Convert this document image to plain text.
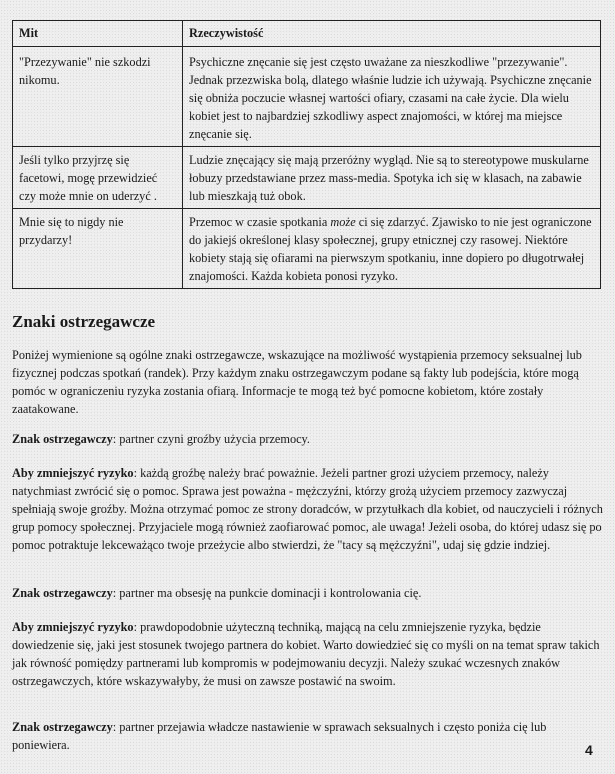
Mit	Rzeczywistość
"Przezywanie" nie szkodzi nikomu.	Psychiczne znęcanie się jest często uważane za nieszkodliwe "przezywanie". Jednak przezwiska bolą, dlatego właśnie ludzie ich używają. Psychiczne znęcanie się obniża poczucie własnej wartości ofiary, czasami na całe życie. Dla wielu kobiet jest to najbardziej szkodliwy aspect znajomości, w której ma miejsce znęcanie się.
Jeśli tylko przyjrzę się facetowi, mogę przewidzieć czy może mnie on uderzyć .	Ludzie znęcający się mają przeróżny wygląd. Nie są to stereotypowe muskularne łobuzy przedstawiane przez mass-media. Spotyka ich się w klasach, na zabawie lub mieszkają tuż obok.
Mnie się to nigdy nie przydarzy!	Przemoc w czasie spotkania może ci się zdarzyć. Zjawisko to nie jest ograniczone do jakiejś określonej klasy społecznej, grupy etnicznej czy rasowej. Niektóre kobiety stają się ofiarami na pierwszym spotkaniu, inne dopiero po długotrwałej znajomości. Każda kobieta ponosi ryzyko.
Znaki ostrzegawcze

Poniżej wymienione są ogólne znaki ostrzegawcze, wskazujące na możliwość wystąpienia przemocy seksualnej lub fizycznej podczas spotkań (randek). Przy każdym znaku ostrzegawczym podane są fakty lub podejścia, które mogą pomóc w ograniczeniu ryzyka zostania ofiarą. Informacje te mogą też być pomocne kobietom, które zostały zaatakowane.

Znak ostrzegawczy: partner czyni groźby użycia przemocy.

Aby zmniejszyć ryzyko: każdą groźbę należy brać poważnie. Jeżeli partner grozi użyciem przemocy, należy natychmiast zwrócić się o pomoc. Sprawa jest poważna - mężczyźni, którzy grożą użyciem przemocy zazwyczaj spełniają swoje groźby. Można otrzymać pomoc ze strony doradców, w przytułkach dla kobiet, od nauczycieli i różnych grup pomocy społecznej. Przyjaciele mogą również zaofiarować pomoc, ale uwaga! Jeżeli osoba, do której udasz się po pomoc potraktuje lekceważąco twoje przeżycie albo stwierdzi, że "tacy są mężczyźni", udaj się gdzie indziej.

Znak ostrzegawczy: partner ma obsesję na punkcie dominacji i kontrolowania cię.

Aby zmniejszyć ryzyko: prawdopodobnie użyteczną techniką, mającą na celu zmniejszenie ryzyka, będzie dowiedzenie się, jaki jest stosunek twojego partnera do kobiet. Warto dowiedzieć się co myśli on na temat spraw takich jak równość pomiędzy partnerami lub kompromis w podejmowaniu decyzji. Należy szukać wczesnych znaków ostrzegawczych, które wskazywałyby, że musi on zawsze postawić na swoim.

Znak ostrzegawczy: partner przejawia władcze nastawienie w sprawach seksualnych i często poniża cię lub poniewiera.	4
